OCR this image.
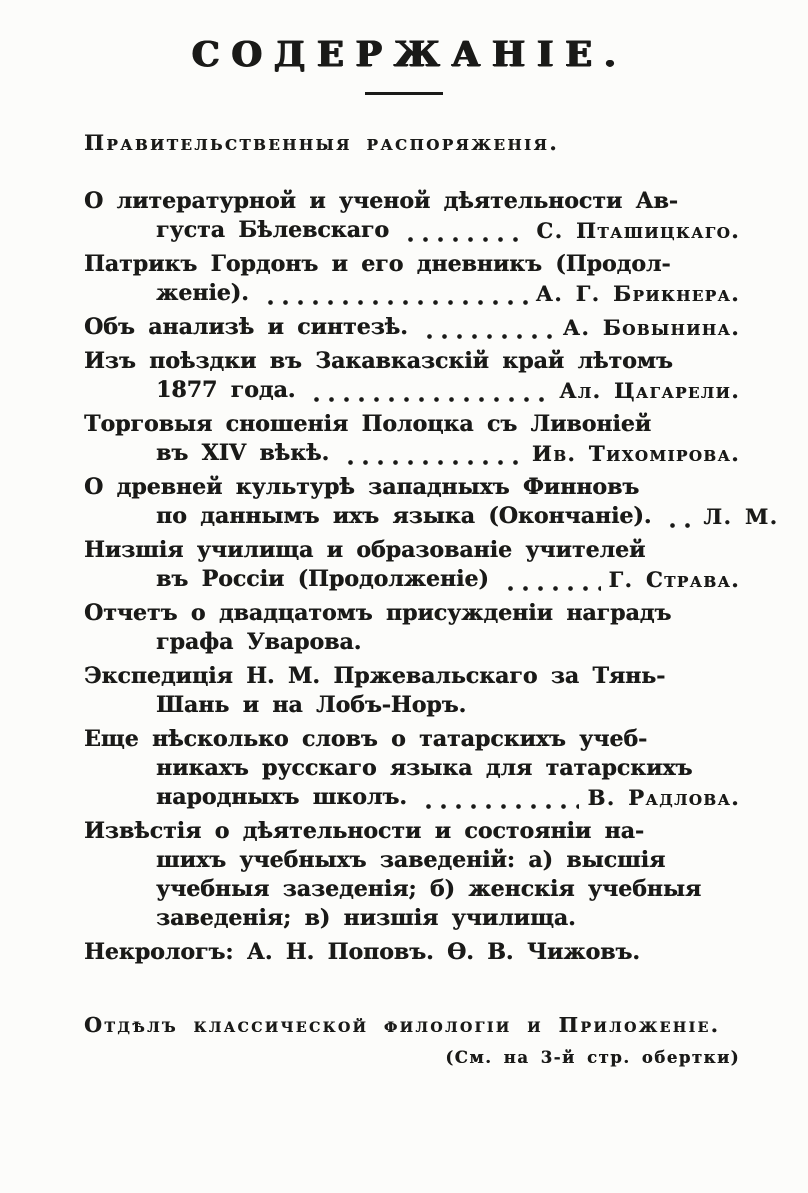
СОДЕРЖАНІЕ.
Правительственныя распоряженія.
О литературной и ученой дѣятельности Ав-
густа Бѣлевскаго	С. Пташицкаго.
Патрикъ Гордонъ и его дневникъ (Продол-
женіе).	А. Г. Брикнера.
Объ анализѣ и синтезѣ.	А. Бовынина.
Изъ поѣздки въ Закавказскій край лѣтомъ
1877 года.	Ал. Цагарели.
Торговыя сношенія Полоцка съ Ливоніей
въ XIV вѣкѣ.	Ив. Тихомірова.
О древней культурѣ западныхъ Финновъ
по даннымъ ихъ языка (Окончаніе). Л. М.
Низшія училища и образованіе учителей
въ Россіи (Продолженіе)	Г. Страва.
Отчетъ о двадцатомъ присужденіи наградъ
графа Уварова.
Экспедиція Н. М. Пржевальскаго за Тянь-
Шань и на Лобъ-Норъ.
Еще нѣсколько словъ о татарскихъ учеб-
никахъ русскаго языка для татарскихъ
народныхъ школъ.	В. Радлова.
Извѣстія о дѣятельности и состояніи на-
шихъ учебныхъ заведеній: а) высшія
учебныя зазеденія; б) женскія учебныя
заведенія; в) низшія училища.
Некрологъ: А. Н. Поповъ. Ѳ. В. Чижовъ.
Отдѣлъ классической филологіи и Приложеніе.
(См. на 3-й стр. обертки)
